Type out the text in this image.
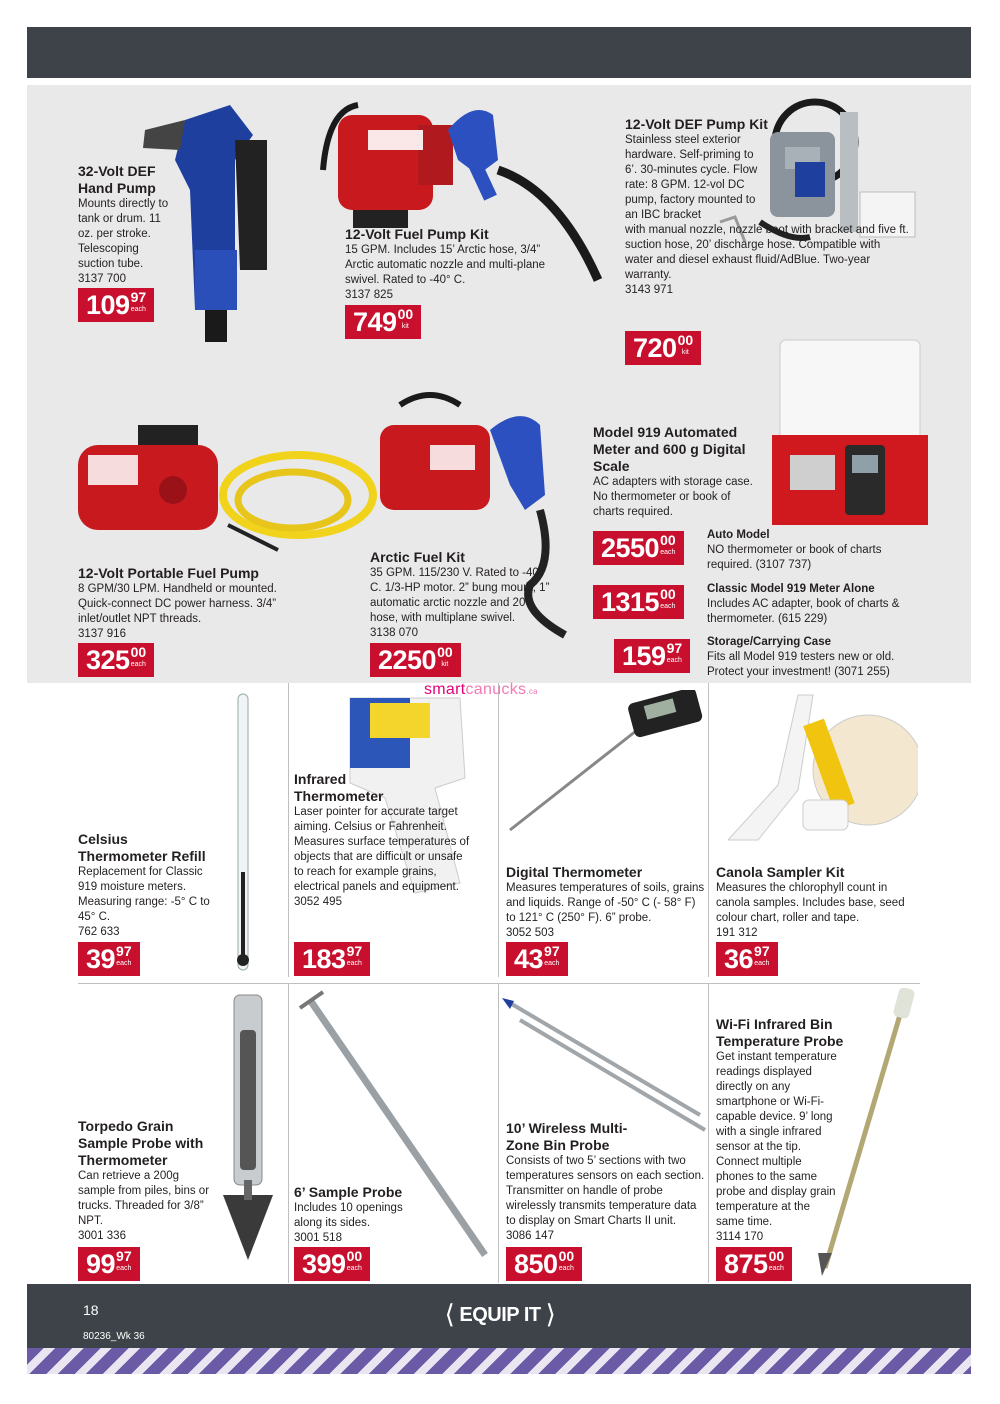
32-Volt DEF Hand Pump
Mounts directly to tank or drum. 11 oz. per stroke. Telescoping suction tube.
3137 700
109 97
each
12-Volt Fuel Pump Kit
15 GPM. Includes 15’ Arctic hose, 3/4” Arctic automatic nozzle and multi-plane swivel. Rated to -40° C.
3137 825
749 00
kit
12-Volt DEF Pump Kit
Stainless steel exterior hardware. Self-priming to 6’. 30-minutes cycle. Flow rate: 8 GPM. 12-vol DC pump, factory mounted to an IBC bracket
with manual nozzle, nozzle boot with bracket and five ft. suction hose, 20’ discharge hose. Compatible with water and diesel exhaust fluid/AdBlue. Two-year warranty.
3143 971
720 00
kit
12-Volt Portable Fuel Pump
8 GPM/30 LPM. Handheld or mounted. Quick-connect DC power harness. 3/4” inlet/outlet NPT threads.
3137 916
325 00
each
Arctic Fuel Kit
35 GPM. 115/230 V. Rated to -40° C. 1/3-HP motor. 2” bung mount, 1” automatic arctic nozzle and 20’ hose, with multiplane swivel.
3138 070
2250 00
kit
Model 919 Automated Meter and 600 g Digital Scale
AC adapters with storage case. No thermometer or book of charts required.
2550 00
each
Auto Model
NO thermometer or book of charts required. (3107 737)
1315 00
each
Classic Model 919 Meter Alone
Includes AC adapter, book of charts & thermometer. (615 229)
159 97
each
Storage/Carrying Case
Fits all Model 919 testers new or old. Protect your investment! (3071 255)
smartcanucks.ca
Celsius Thermometer Refill
Replacement for Classic 919 moisture meters. Measuring range: -5° C to 45° C.
762 633
39 97
each
Infrared Thermometer
Laser pointer for accurate target aiming. Celsius or Fahrenheit. Measures surface temperatures of objects that are difficult or unsafe to reach for example grains, electrical panels and equipment.
3052 495
183 97
each
Digital Thermometer
Measures temperatures of soils, grains and liquids. Range of -50° C (- 58° F) to 121° C (250° F). 6” probe.
3052 503
43 97
each
Canola Sampler Kit
Measures the chlorophyll count in canola samples. Includes base, seed colour chart, roller and tape.
191 312
36 97
each
Torpedo Grain Sample Probe with Thermometer
Can retrieve a 200g sample from piles, bins or trucks. Threaded for 3/8” NPT.
3001 336
99 97
each
6’ Sample Probe
Includes 10 openings along its sides.
3001 518
399 00
each
10’ Wireless Multi-Zone Bin Probe
Consists of two 5’ sections with two temperatures sensors on each section. Transmitter on handle of probe wirelessly transmits temperature data to display on Smart Charts II unit.
3086 147
850 00
each
Wi-Fi Infrared Bin Temperature Probe
Get instant temperature readings displayed directly on any smartphone or Wi-Fi-capable device. 9’ long with a single infrared sensor at the tip. Connect multiple phones to the same probe and display grain temperature at the same time.
3114 170
875 00
each
18
80236_Wk 36
⟨ EQUIP IT ⟩
